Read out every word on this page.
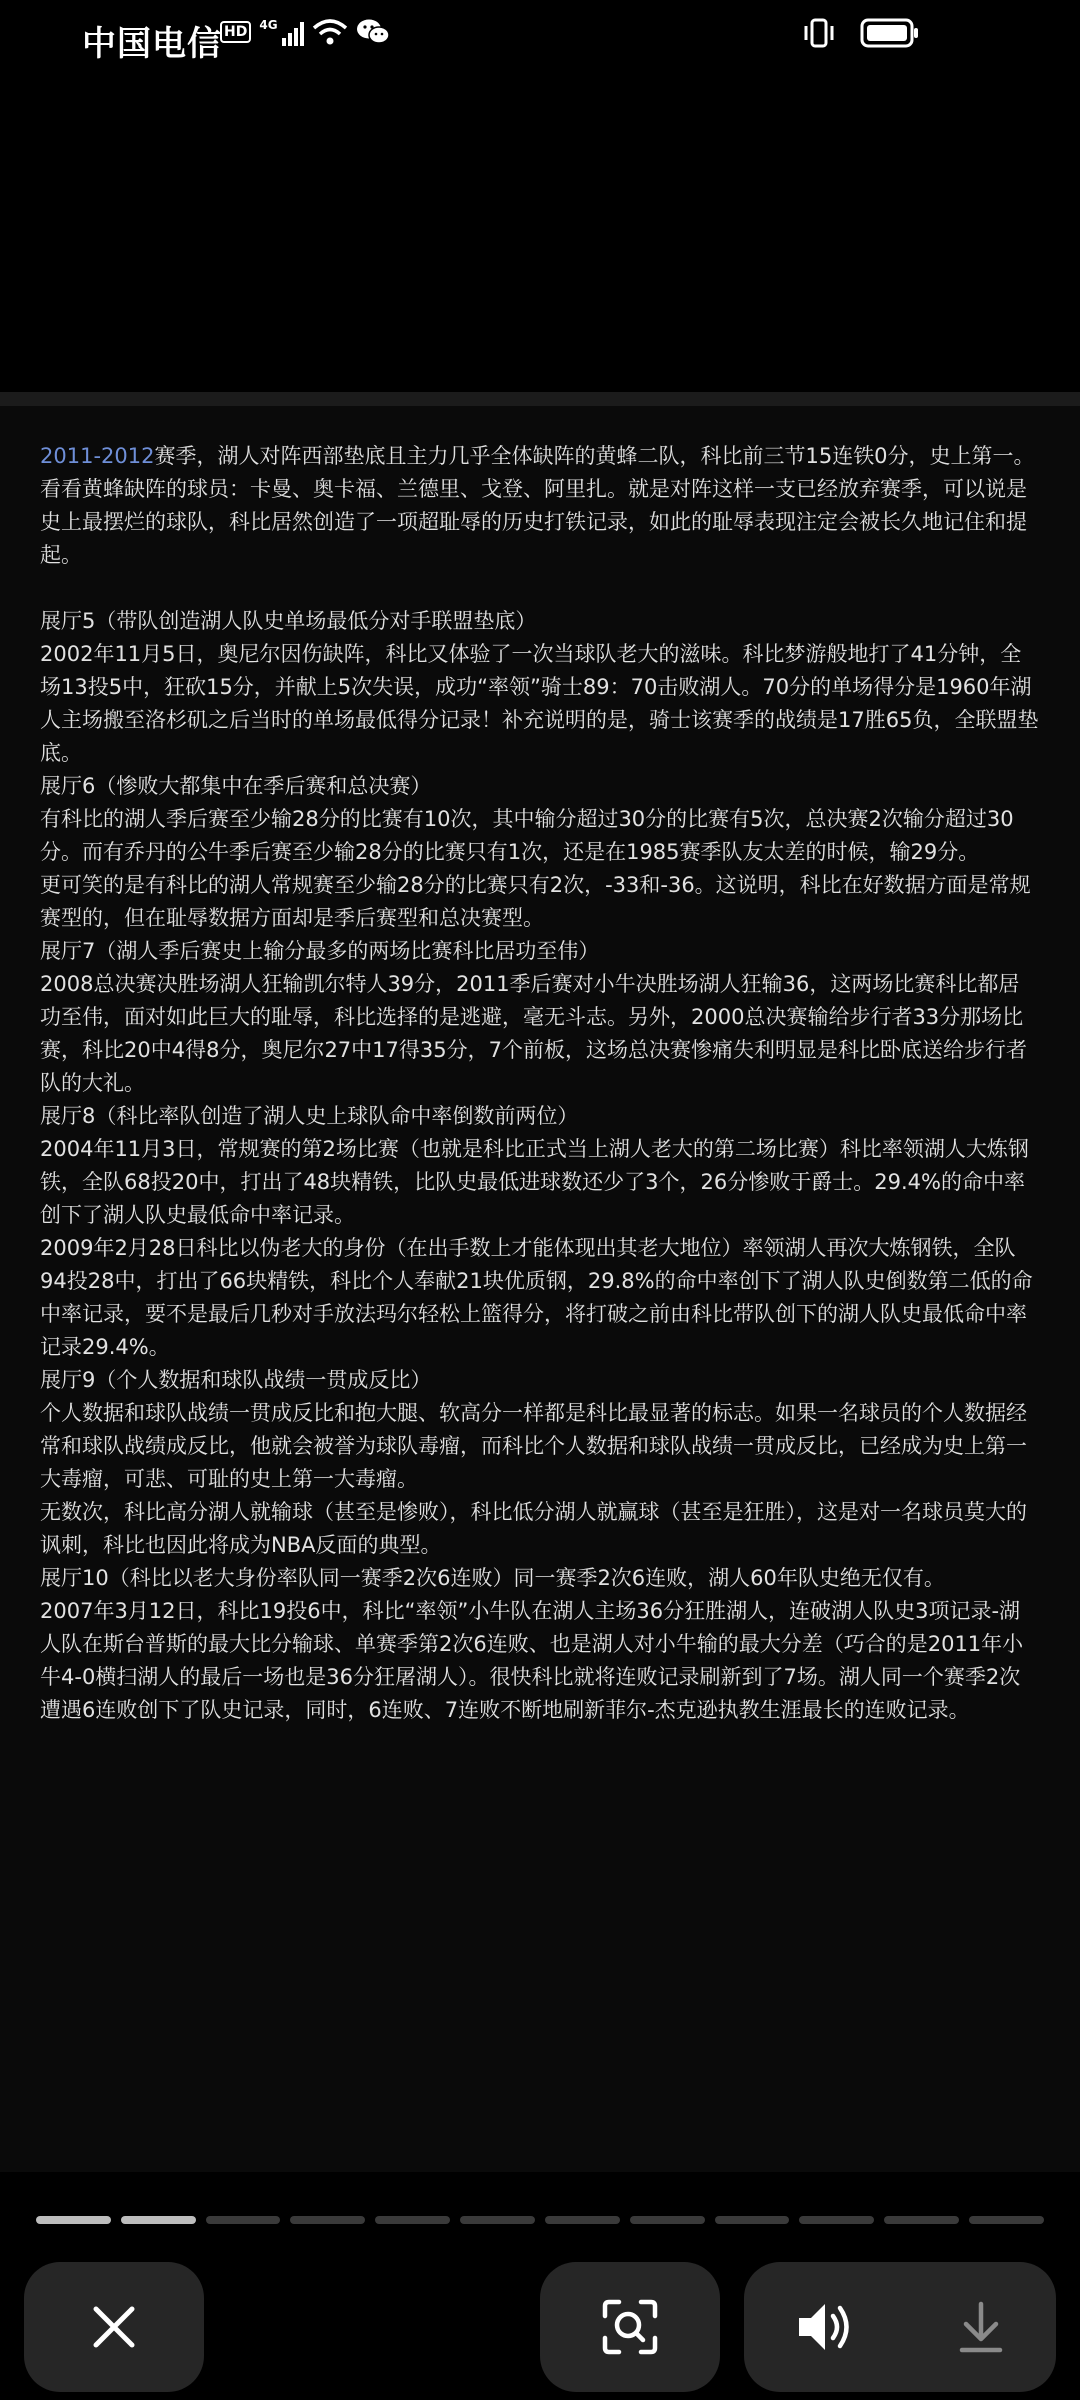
中国电信 HD	4G

2011-2012赛季，湖人对阵西部垫底且主力几乎全体缺阵的黄蜂二队，科比前三节15连铁0分，史上第一。

看看黄蜂缺阵的球员：卡曼、奥卡福、兰德里、戈登、阿里扎。就是对阵这样一支已经放弃赛季，可以说是史上最摆烂的球队，科比居然创造了一项超耻辱的历史打铁记录，如此的耻辱表现注定会被长久地记住和提起。

展厅5（带队创造湖人队史单场最低分对手联盟垫底）

2002年11月5日，奥尼尔因伤缺阵，科比又体验了一次当球队老大的滋味。科比梦游般地打了41分钟，全场13投5中，狂砍15分，并献上5次失误，成功“率领”骑士89：70击败湖人。70分的单场得分是1960年湖人主场搬至洛杉矶之后当时的单场最低得分记录！补充说明的是，骑士该赛季的战绩是17胜65负，全联盟垫底。

展厅6（惨败大都集中在季后赛和总决赛）

有科比的湖人季后赛至少输28分的比赛有10次，其中输分超过30分的比赛有5次，总决赛2次输分超过30分。而有乔丹的公牛季后赛至少输28分的比赛只有1次，还是在1985赛季队友太差的时候，输29分。

更可笑的是有科比的湖人常规赛至少输28分的比赛只有2次，-33和-36。这说明，科比在好数据方面是常规赛型的，但在耻辱数据方面却是季后赛型和总决赛型。

展厅7（湖人季后赛史上输分最多的两场比赛科比居功至伟）

2008总决赛决胜场湖人狂输凯尔特人39分，2011季后赛对小牛决胜场湖人狂输36，这两场比赛科比都居功至伟，面对如此巨大的耻辱，科比选择的是逃避，毫无斗志。另外，2000总决赛输给步行者33分那场比赛，科比20中4得8分，奥尼尔27中17得35分，7个前板，这场总决赛惨痛失利明显是科比卧底送给步行者队的大礼。

展厅8（科比率队创造了湖人史上球队命中率倒数前两位）

2004年11月3日，常规赛的第2场比赛（也就是科比正式当上湖人老大的第二场比赛）科比率领湖人大炼钢铁，全队68投20中，打出了48块精铁，比队史最低进球数还少了3个，26分惨败于爵士。29.4%的命中率创下了湖人队史最低命中率记录。

2009年2月28日科比以伪老大的身份（在出手数上才能体现出其老大地位）率领湖人再次大炼钢铁，全队94投28中，打出了66块精铁，科比个人奉献21块优质钢，29.8%的命中率创下了湖人队史倒数第二低的命中率记录，要不是最后几秒对手放法玛尔轻松上篮得分，将打破之前由科比带队创下的湖人队史最低命中率记录29.4%。

展厅9（个人数据和球队战绩一贯成反比）

个人数据和球队战绩一贯成反比和抱大腿、软高分一样都是科比最显著的标志。如果一名球员的个人数据经常和球队战绩成反比，他就会被誉为球队毒瘤，而科比个人数据和球队战绩一贯成反比，已经成为史上第一大毒瘤，可悲、可耻的史上第一大毒瘤。

无数次，科比高分湖人就输球（甚至是惨败），科比低分湖人就赢球（甚至是狂胜），这是对一名球员莫大的讽刺，科比也因此将成为NBA反面的典型。

展厅10（科比以老大身份率队同一赛季2次6连败）同一赛季2次6连败，湖人60年队史绝无仅有。

2007年3月12日，科比19投6中，科比“率领”小牛队在湖人主场36分狂胜湖人，连破湖人队史3项记录-湖人队在斯台普斯的最大比分输球、单赛季第2次6连败、也是湖人对小牛输的最大分差（巧合的是2011年小牛4-0横扫湖人的最后一场也是36分狂屠湖人）。很快科比就将连败记录刷新到了7场。湖人同一个赛季2次遭遇6连败创下了队史记录，同时，6连败、7连败不断地刷新菲尔-杰克逊执教生涯最长的连败记录。
